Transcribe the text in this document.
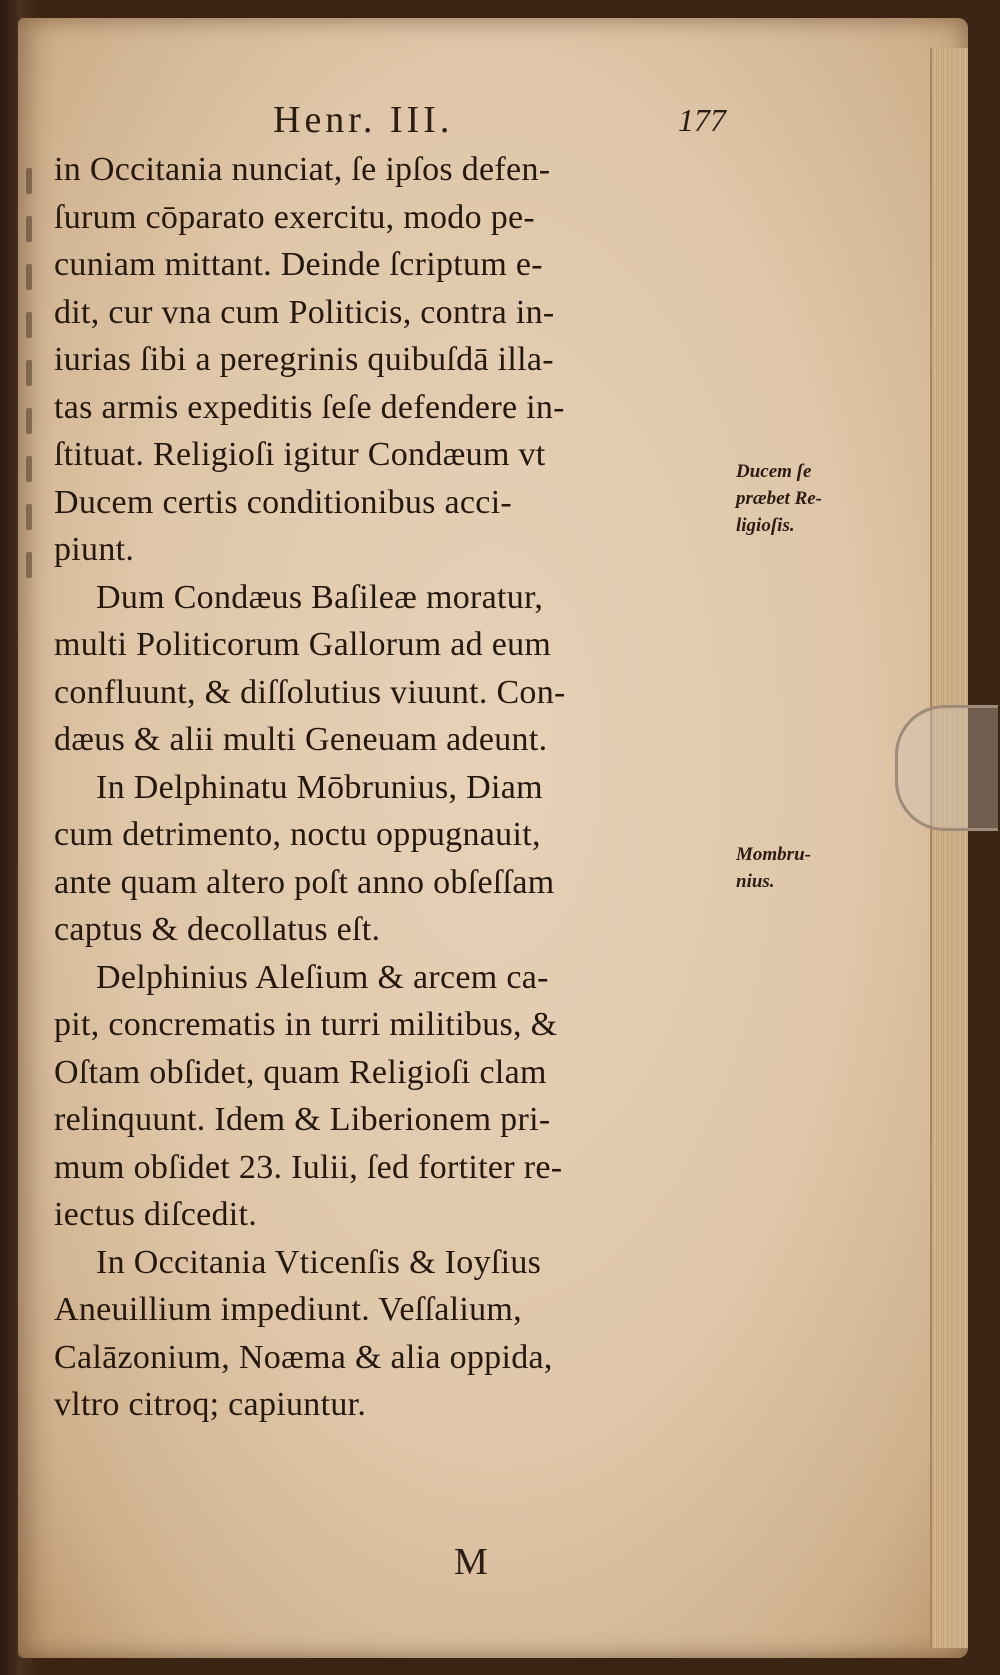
Henr. III.	177
in Occitania nunciat, ſe ipſos defen-
ſurum cōparato exercitu, modo pe-
cuniam mittant. Deinde ſcriptum e-
dit, cur vna cum Politicis, contra in-
iurias ſibi a peregrinis quibuſdā illa-
tas armis expeditis ſeſe defendere in-
ſtituat. Religioſi igitur Condæum vt
Ducem certis conditionibus acci-
piunt.
Dum Condæus Baſileæ moratur,
multi Politicorum Gallorum ad eum
confluunt, & diſſolutius viuunt. Con-
dæus & alii multi Geneuam adeunt.
In Delphinatu Mōbrunius, Diam
cum detrimento, noctu oppugnauit,
ante quam altero poſt anno obſeſſam
captus & decollatus eſt.
Delphinius Aleſium & arcem ca-
pit, concrematis in turri militibus, &
Oſtam obſidet, quam Religioſi clam
relinquunt. Idem & Liberionem pri-
mum obſidet 23. Iulii, ſed fortiter re-
iectus diſcedit.
In Occitania Vticenſis & Ioyſius
Aneuillium impediunt. Veſſalium,
Calāzonium, Noæma & alia oppida,
vltro citroq; capiuntur.
Ducem ſe
præbet Re-
ligioſis.
Mombru-
nius.
M
